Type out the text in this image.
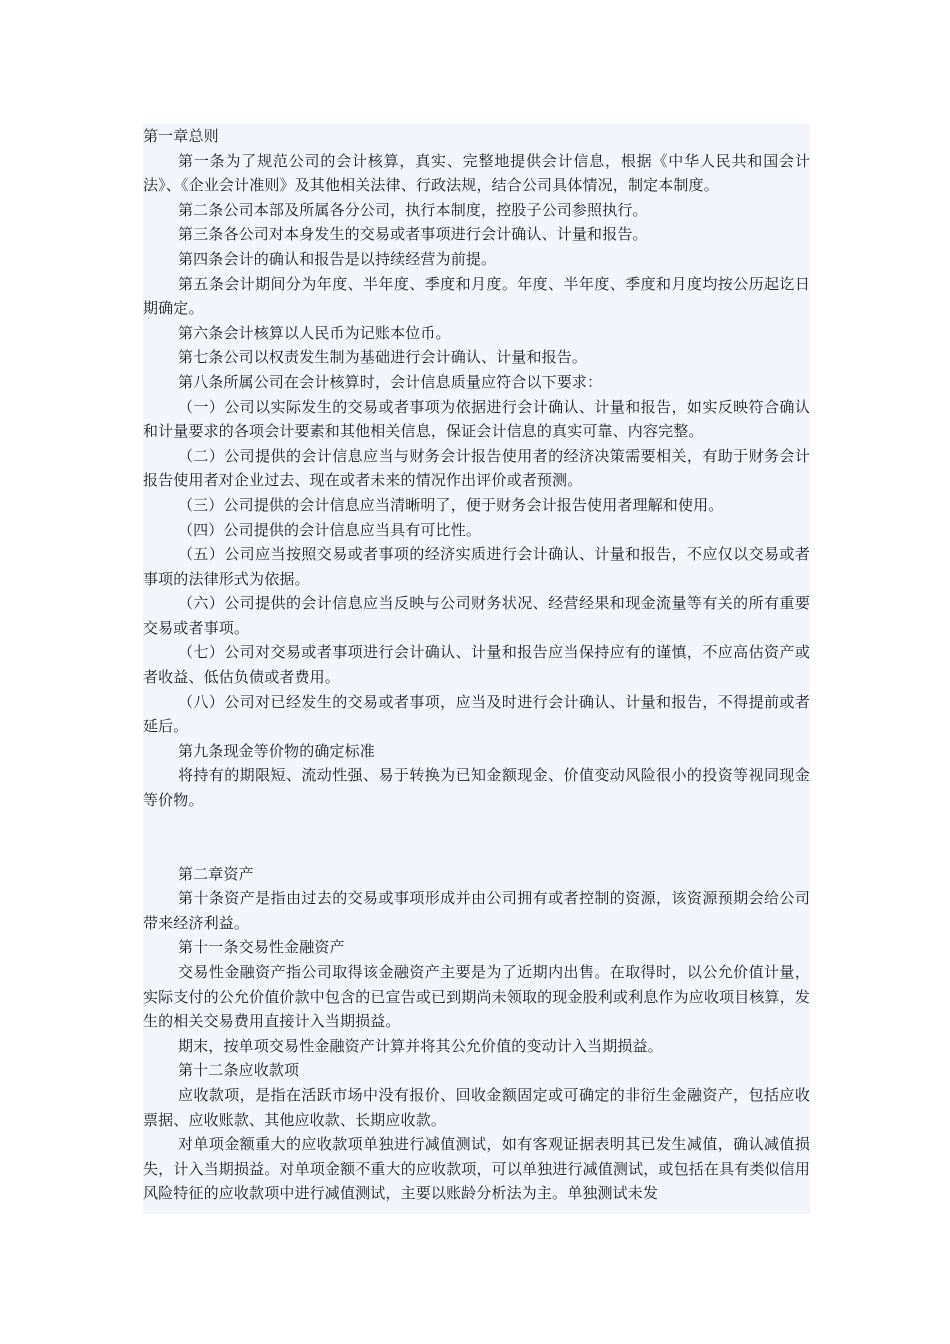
第一章总则

第一条为了规范公司的会计核算，真实、完整地提供会计信息，根据《中华人民共和国会计法》、《企业会计准则》及其他相关法律、行政法规，结合公司具体情况，制定本制度。

第二条公司本部及所属各分公司，执行本制度，控股子公司参照执行。

第三条各公司对本身发生的交易或者事项进行会计确认、计量和报告。

第四条会计的确认和报告是以持续经营为前提。

第五条会计期间分为年度、半年度、季度和月度。年度、半年度、季度和月度均按公历起讫日期确定。

第六条会计核算以人民币为记账本位币。

第七条公司以权责发生制为基础进行会计确认、计量和报告。

第八条所属公司在会计核算时，会计信息质量应符合以下要求：

（一）公司以实际发生的交易或者事项为依据进行会计确认、计量和报告，如实反映符合确认和计量要求的各项会计要素和其他相关信息，保证会计信息的真实可靠、内容完整。

（二）公司提供的会计信息应当与财务会计报告使用者的经济决策需要相关，有助于财务会计报告使用者对企业过去、现在或者未来的情况作出评价或者预测。

（三）公司提供的会计信息应当清晰明了，便于财务会计报告使用者理解和使用。

（四）公司提供的会计信息应当具有可比性。

（五）公司应当按照交易或者事项的经济实质进行会计确认、计量和报告，不应仅以交易或者事项的法律形式为依据。

（六）公司提供的会计信息应当反映与公司财务状况、经营经果和现金流量等有关的所有重要交易或者事项。

（七）公司对交易或者事项进行会计确认、计量和报告应当保持应有的谨慎，不应高估资产或者收益、低估负债或者费用。

（八）公司对已经发生的交易或者事项，应当及时进行会计确认、计量和报告，不得提前或者延后。

第九条现金等价物的确定标准

将持有的期限短、流动性强、易于转换为已知金额现金、价值变动风险很小的投资等视同现金等价物。

第二章资产

第十条资产是指由过去的交易或事项形成并由公司拥有或者控制的资源，该资源预期会给公司带来经济利益。

第十一条交易性金融资产

交易性金融资产指公司取得该金融资产主要是为了近期内出售。在取得时，以公允价值计量，实际支付的公允价值价款中包含的已宣告或已到期尚未领取的现金股利或利息作为应收项目核算，发生的相关交易费用直接计入当期损益。

期末，按单项交易性金融资产计算并将其公允价值的变动计入当期损益。

第十二条应收款项

应收款项，是指在活跃市场中没有报价、回收金额固定或可确定的非衍生金融资产，包括应收票据、应收账款、其他应收款、长期应收款。

对单项金额重大的应收款项单独进行减值测试，如有客观证据表明其已发生减值，确认减值损失，计入当期损益。对单项金额不重大的应收款项，可以单独进行减值测试，或包括在具有类似信用风险特征的应收款项中进行减值测试，主要以账龄分析法为主。单独测试未发
